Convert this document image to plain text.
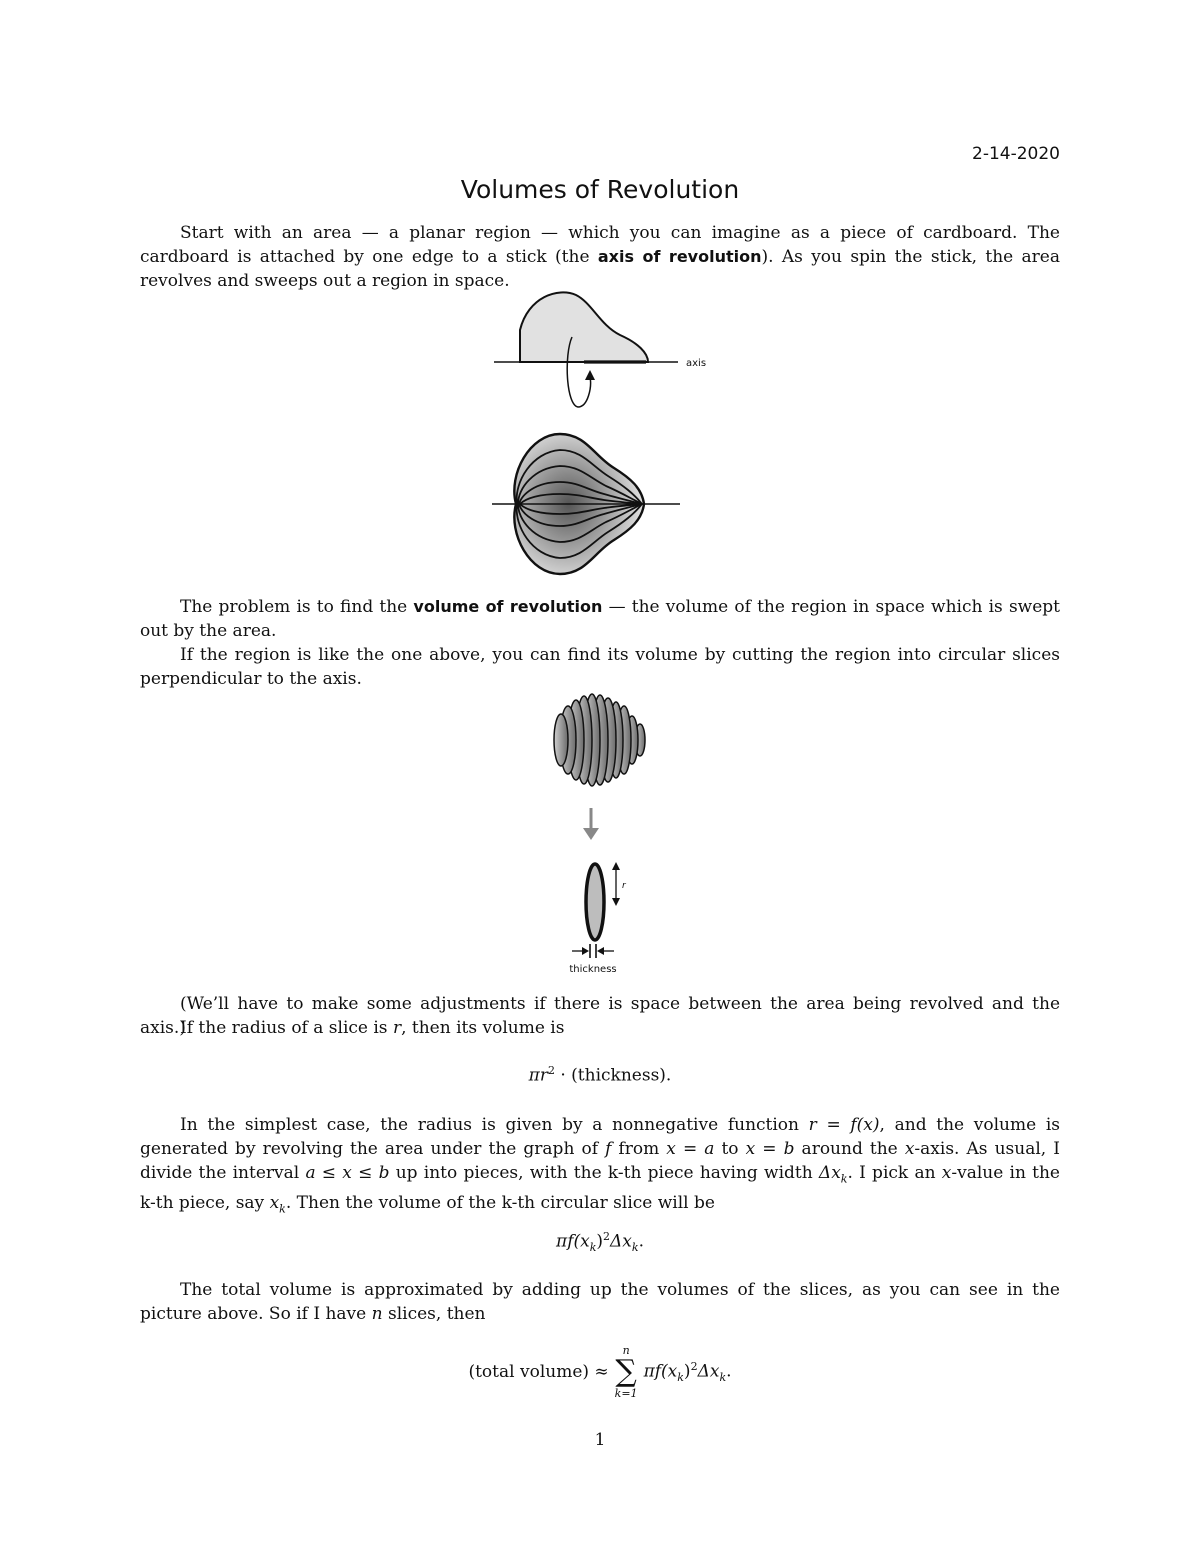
2-14-2020
Volumes of Revolution

Start with an area — a planar region — which you can imagine as a piece of cardboard. The cardboard is attached by one edge to a stick (the axis of revolution). As you spin the stick, the area revolves and sweeps out a region in space.

axis

The problem is to find the volume of revolution — the volume of the region in space which is swept out by the area.

If the region is like the one above, you can find its volume by cutting the region into circular slices perpendicular to the axis.

r
thickness

(We’ll have to make some adjustments if there is space between the area being revolved and the axis.)

If the radius of a slice is r, then its volume is

$\pi r^2$ · (thickness).

In the simplest case, the radius is given by a nonnegative function r = f(x), and the volume is generated by revolving the area under the graph of f from x = a to x = b around the x-axis. As usual, I divide the interval a ≤ x ≤ b up into pieces, with the k-th piece having width $\Delta x_k$. I pick an x-value in the k-th piece, say $x_k$. Then the volume of the k-th circular slice will be

$\pi f(x_k)^2\Delta x_k$.

The total volume is approximated by adding up the volumes of the slices, as you can see in the picture above. So if I have n slices, then

(total volume) ≈
n
∑
k=1
$\pi f(x_k)^2\Delta x_k$.
1
